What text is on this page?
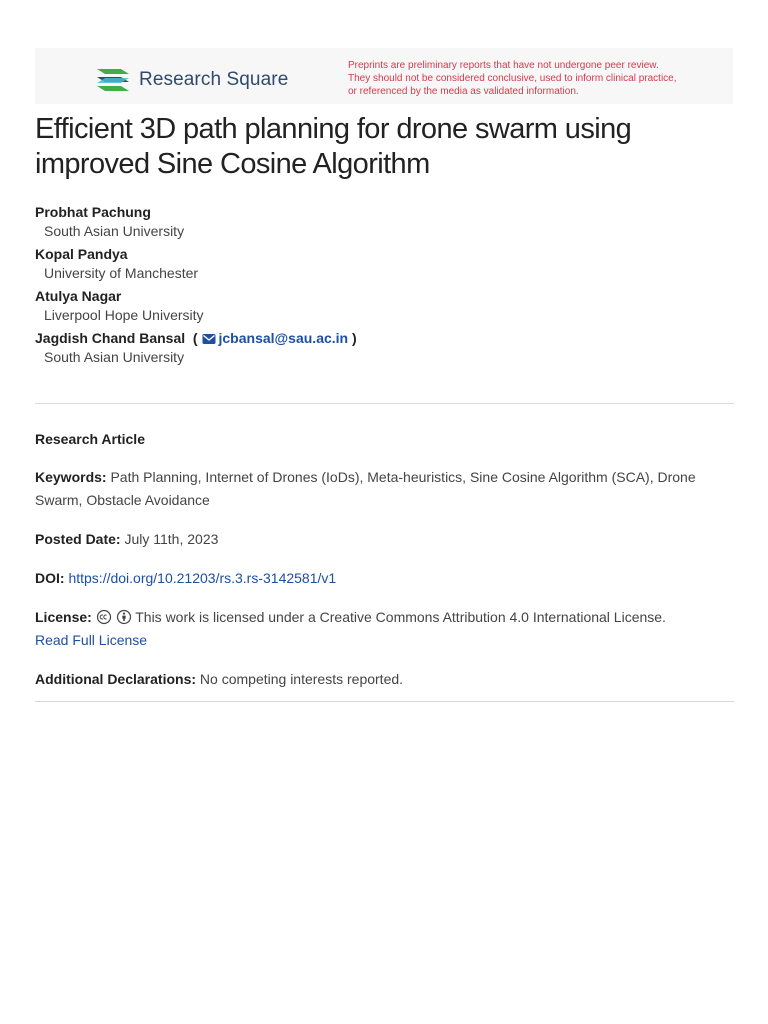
Research Square
Preprints are preliminary reports that have not undergone peer review.
They should not be considered conclusive, used to inform clinical practice,
or referenced by the media as validated information.
Efficient 3D path planning for drone swarm using
improved Sine Cosine Algorithm
Probhat Pachung
South Asian University
Kopal Pandya
University of Manchester
Atulya Nagar
Liverpool Hope University
Jagdish Chand Bansal  ( jcbansal@sau.ac.in )
South Asian University
Research Article
Keywords: Path Planning, Internet of Drones (IoDs), Meta-heuristics, Sine Cosine Algorithm (SCA), Drone Swarm, Obstacle Avoidance
Posted Date: July 11th, 2023
DOI: https://doi.org/10.21203/rs.3.rs-3142581/v1
License:	This work is licensed under a Creative Commons Attribution 4.0 International License.
Read Full License
Additional Declarations: No competing interests reported.
